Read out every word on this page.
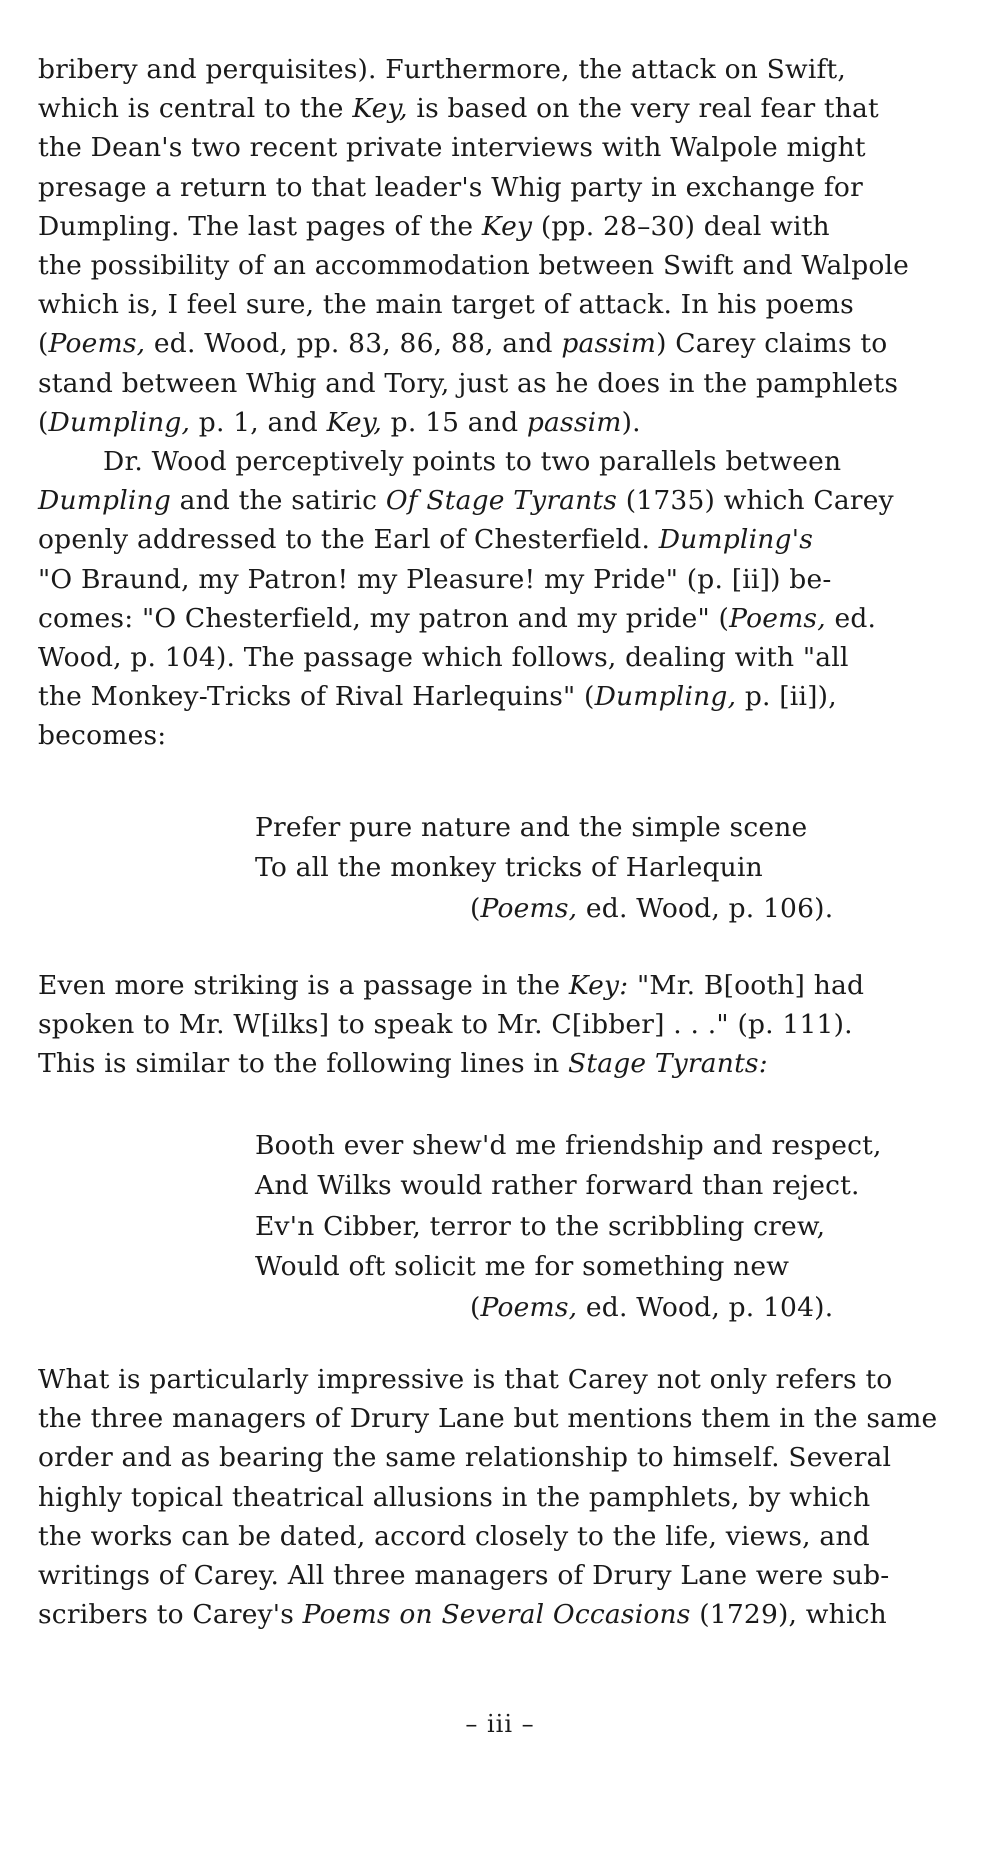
bribery and perquisites). Furthermore, the attack on Swift,
which is central to the Key, is based on the very real fear that
the Dean's two recent private interviews with Walpole might
presage a return to that leader's Whig party in exchange for
Dumpling. The last pages of the Key (pp. 28–30) deal with
the possibility of an accommodation between Swift and Walpole
which is, I feel sure, the main target of attack. In his poems
(Poems, ed. Wood, pp. 83, 86, 88, and passim) Carey claims to
stand between Whig and Tory, just as he does in the pamphlets
(Dumpling, p. 1, and Key, p. 15 and passim).
Dr. Wood perceptively points to two parallels between
Dumpling and the satiric Of Stage Tyrants (1735) which Carey
openly addressed to the Earl of Chesterfield. Dumpling's
"O Braund, my Patron! my Pleasure! my Pride" (p. [ii]) be-
comes: "O Chesterfield, my patron and my pride" (Poems, ed.
Wood, p. 104). The passage which follows, dealing with "all
the Monkey-Tricks of Rival Harlequins" (Dumpling, p. [ii]),
becomes:
Prefer pure nature and the simple scene
To all the monkey tricks of Harlequin
(Poems, ed. Wood, p. 106).
Even more striking is a passage in the Key: "Mr. B[ooth] had
spoken to Mr. W[ilks] to speak to Mr. C[ibber] . . ." (p. 111).
This is similar to the following lines in Stage Tyrants:
Booth ever shew'd me friendship and respect,
And Wilks would rather forward than reject.
Ev'n Cibber, terror to the scribbling crew,
Would oft solicit me for something new
(Poems, ed. Wood, p. 104).
What is particularly impressive is that Carey not only refers to
the three managers of Drury Lane but mentions them in the same
order and as bearing the same relationship to himself. Several
highly topical theatrical allusions in the pamphlets, by which
the works can be dated, accord closely to the life, views, and
writings of Carey. All three managers of Drury Lane were sub-
scribers to Carey's Poems on Several Occasions (1729), which
– iii –
